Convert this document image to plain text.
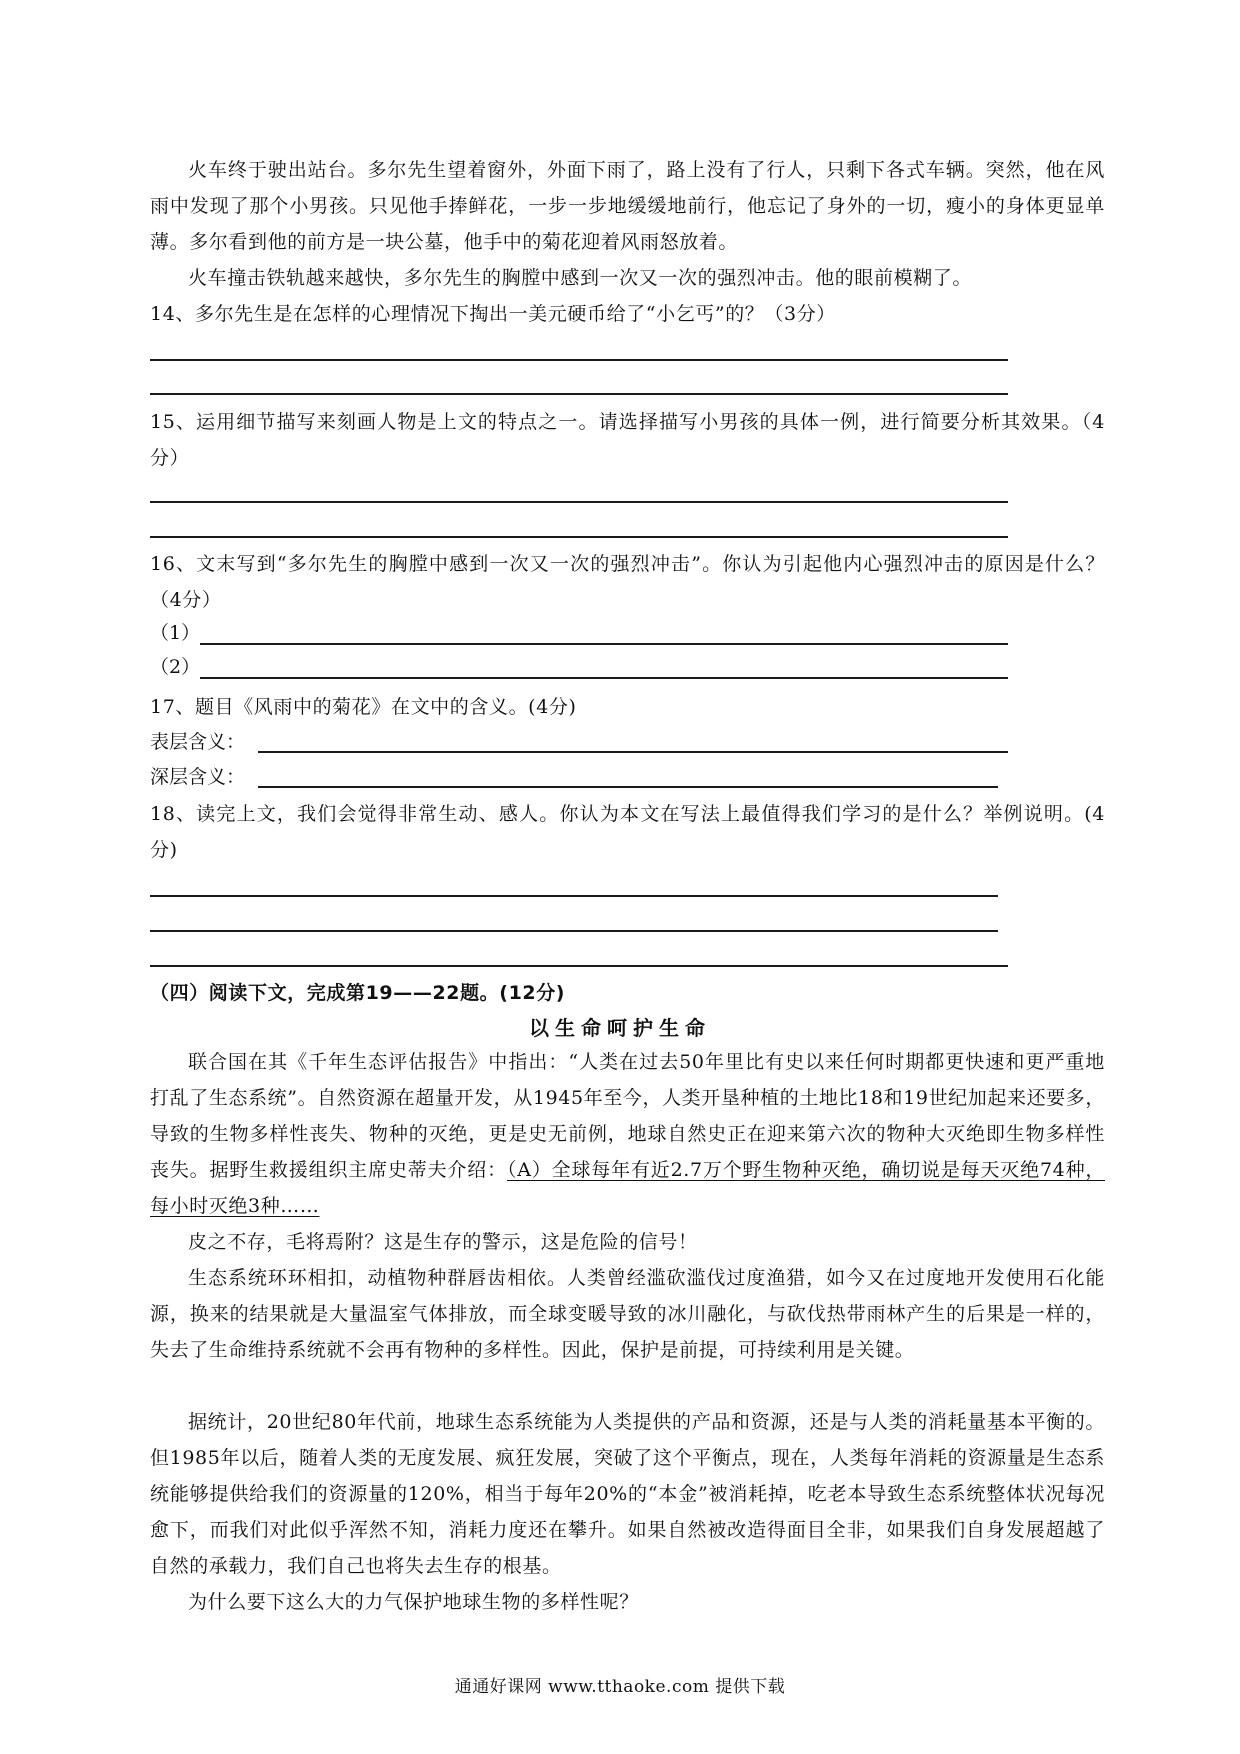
火车终于驶出站台。多尔先生望着窗外，外面下雨了，路上没有了行人，只剩下各式车辆。突然，他在风雨中发现了那个小男孩。只见他手捧鲜花，一步一步地缓缓地前行，他忘记了身外的一切，瘦小的身体更显单薄。多尔看到他的前方是一块公墓，他手中的菊花迎着风雨怒放着。
火车撞击铁轨越来越快，多尔先生的胸膛中感到一次又一次的强烈冲击。他的眼前模糊了。
14、多尔先生是在怎样的心理情况下掏出一美元硬币给了“小乞丐”的？（3分）
15、运用细节描写来刻画人物是上文的特点之一。请选择描写小男孩的具体一例，进行简要分析其效果。（4分）
16、文末写到“多尔先生的胸膛中感到一次又一次的强烈冲击”。你认为引起他内心强烈冲击的原因是什么？（4分）
（1）
（2）
17、题目《风雨中的菊花》在文中的含义。(4分)
表层含义：
深层含义：
18、读完上文，我们会觉得非常生动、感人。你认为本文在写法上最值得我们学习的是什么？举例说明。(4分)
（四）阅读下文，完成第19——22题。(12分)
以生命呵护生命
联合国在其《千年生态评估报告》中指出：“人类在过去50年里比有史以来任何时期都更快速和更严重地打乱了生态系统”。自然资源在超量开发，从1945年至今，人类开垦种植的土地比18和19世纪加起来还要多，导致的生物多样性丧失、物种的灭绝，更是史无前例，地球自然史正在迎来第六次的物种大灭绝即生物多样性丧失。据野生救援组织主席史蒂夫介绍：（A）全球每年有近2.7万个野生物种灭绝，确切说是每天灭绝74种，每小时灭绝3种……
皮之不存，毛将焉附？这是生存的警示，这是危险的信号！
生态系统环环相扣，动植物种群唇齿相依。人类曾经滥砍滥伐过度渔猎，如今又在过度地开发使用石化能源，换来的结果就是大量温室气体排放，而全球变暖导致的冰川融化，与砍伐热带雨林产生的后果是一样的，失去了生命维持系统就不会再有物种的多样性。因此，保护是前提，可持续利用是关键。
据统计，20世纪80年代前，地球生态系统能为人类提供的产品和资源，还是与人类的消耗量基本平衡的。但1985年以后，随着人类的无度发展、疯狂发展，突破了这个平衡点，现在，人类每年消耗的资源量是生态系统能够提供给我们的资源量的120%，相当于每年20%的“本金”被消耗掉，吃老本导致生态系统整体状况每况愈下，而我们对此似乎浑然不知，消耗力度还在攀升。如果自然被改造得面目全非，如果我们自身发展超越了自然的承载力，我们自己也将失去生存的根基。
为什么要下这么大的力气保护地球生物的多样性呢？
通通好课网 www.tthaoke.com 提供下载
